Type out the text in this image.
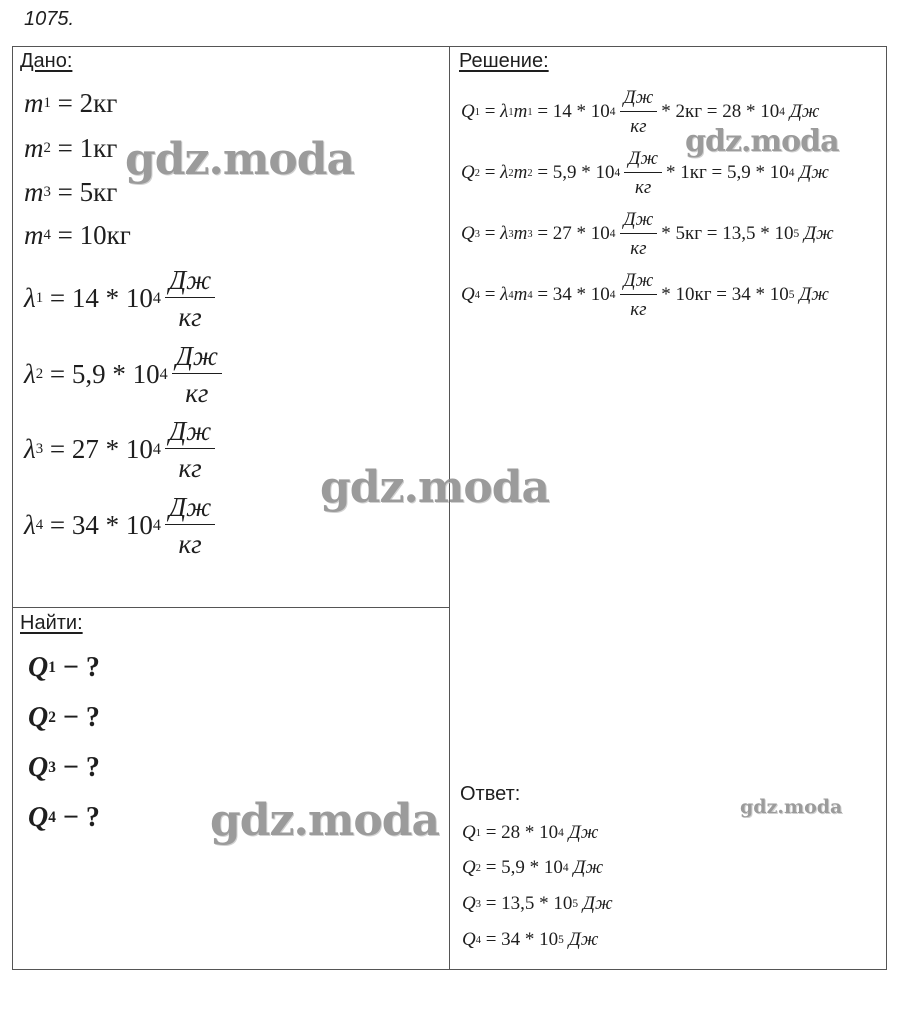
1075.
Дано:
m 1 = 2кг
m 2 = 1кг
m 3 = 5кг
m 4 = 10кг
λ 1 = 14 * 10 $4 \frac{Дж}{кг}$
λ 2 = 5,9 * 10 $4 \frac{Дж}{кг}$
λ 3 = 27 * 10 $4 \frac{Дж}{кг}$
λ 4 = 34 * 10 $4 \frac{Дж}{кг}$
Найти:
Q 1
− ?
Q 2
− ?
Q 3
− ?
Q 4
− ?
Решение:
Q 1 = λ 1 m 1 = 14 * 10 $4 \frac{Дж}{кг} * 2кг = 28 * 10$ 4
Дж
Q 2 = λ 2 m 2 = 5,9 * 10 $4 \frac{Дж}{кг} * 1кг = 5,9 * 10$ 4
Дж
Q 3 = λ 3 m 3 = 27 * 10 $4 \frac{Дж}{кг} * 5кг = 13,5 * 10$ 5
Дж
Q 4 = λ 4 m 4 = 34 * 10 $4 \frac{Дж}{кг} * 10кг = 34 * 10$ 5
Дж
Ответ:
Q 1
= 28 * 10 4
Дж
Q 2
= 5,9 * 10 4
Дж
Q 3
= 13,5 * 10 5
Дж
Q 4
= 34 * 10 5
Дж
gdz.moda	gdz.moda
gdz.moda
gdz.moda	gdz.moda
